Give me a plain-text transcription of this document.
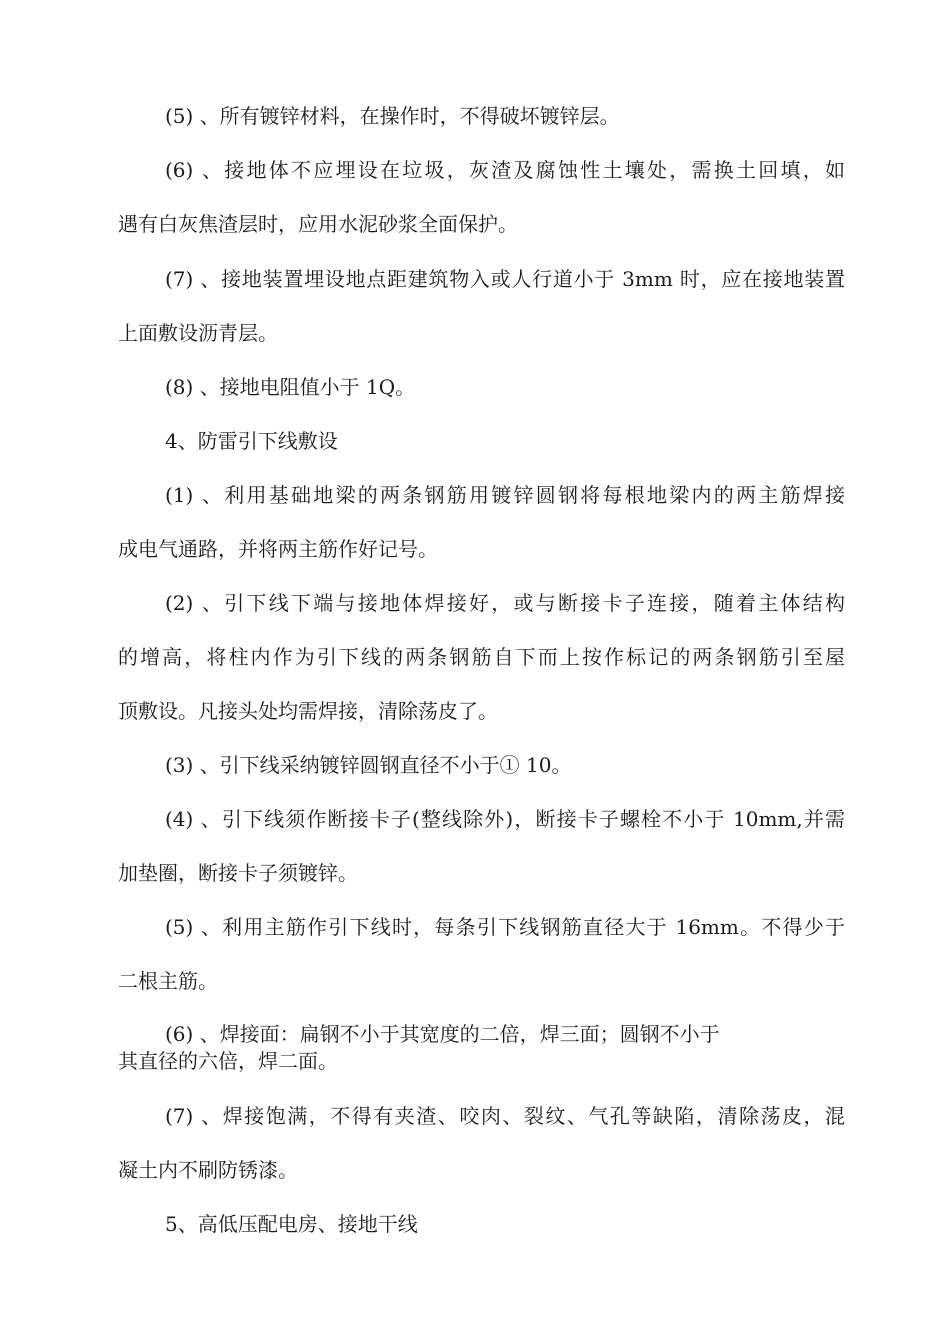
(5) 、所有镀锌材料，在操作时，不得破坏镀锌层。
(6) 、接地体不应埋设在垃圾，灰渣及腐蚀性土壤处，需换土回填，如
遇有白灰焦渣层时，应用水泥砂浆全面保护。
(7) 、接地装置埋设地点距建筑物入或人行道小于 3mm 时，应在接地装置
上面敷设沥青层。
(8) 、接地电阻值小于 1Q。
4、防雷引下线敷设
(1) 、利用基础地梁的两条钢筋用镀锌圆钢将每根地梁内的两主筋焊接
成电气通路，并将两主筋作好记号。
(2) 、引下线下端与接地体焊接好，或与断接卡子连接，随着主体结构
的增高，将柱内作为引下线的两条钢筋自下而上按作标记的两条钢筋引至屋
顶敷设。凡接头处均需焊接，清除荡皮了。
(3) 、引下线采纳镀锌圆钢直径不小于① 10。
(4) 、引下线须作断接卡子(整线除外)，断接卡子螺栓不小于 10mm,并需
加垫圈，断接卡子须镀锌。
(5) 、利用主筋作引下线时，每条引下线钢筋直径大于 16mm。不得少于
二根主筋。
(6) 、焊接面：扁钢不小于其宽度的二倍，焊三面；圆钢不小于
其直径的六倍，焊二面。
(7) 、焊接饱满，不得有夹渣、咬肉、裂纹、气孔等缺陷，清除荡皮，混
凝土内不刷防锈漆。
5、高低压配电房、接地干线
